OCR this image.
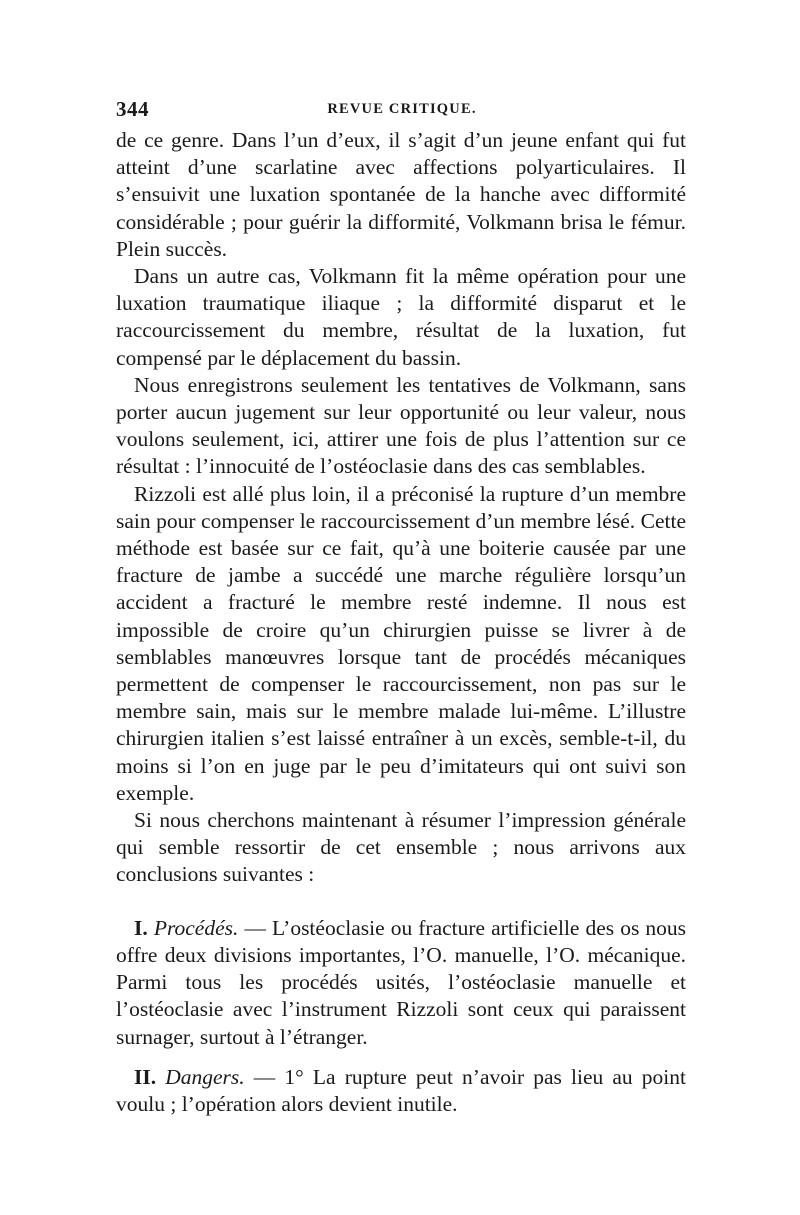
344	REVUE CRITIQUE.

de ce genre. Dans l’un d’eux, il s’agit d’un jeune enfant qui fut atteint d’une scarlatine avec affections polyarticulaires. Il s’ensuivit une luxation spontanée de la hanche avec difformité considérable ; pour guérir la difformité, Volkmann brisa le fémur. Plein succès.

Dans un autre cas, Volkmann fit la même opération pour une luxation traumatique iliaque ; la difformité disparut et le raccourcissement du membre, résultat de la luxation, fut compensé par le déplacement du bassin.

Nous enregistrons seulement les tentatives de Volkmann, sans porter aucun jugement sur leur opportunité ou leur valeur, nous voulons seulement, ici, attirer une fois de plus l’attention sur ce résultat : l’innocuité de l’ostéoclasie dans des cas semblables.

Rizzoli est allé plus loin, il a préconisé la rupture d’un membre sain pour compenser le raccourcissement d’un membre lésé. Cette méthode est basée sur ce fait, qu’à une boiterie causée par une fracture de jambe a succédé une marche régulière lorsqu’un accident a fracturé le membre resté indemne. Il nous est impossible de croire qu’un chirurgien puisse se livrer à de semblables manœuvres lorsque tant de procédés mécaniques permettent de compenser le raccourcissement, non pas sur le membre sain, mais sur le membre malade lui-même. L’illustre chirurgien italien s’est laissé entraîner à un excès, semble-t-il, du moins si l’on en juge par le peu d’imitateurs qui ont suivi son exemple.

Si nous cherchons maintenant à résumer l’impression générale qui semble ressortir de cet ensemble ; nous arrivons aux conclusions suivantes :

I. Procédés. — L’ostéoclasie ou fracture artificielle des os nous offre deux divisions importantes, l’O. manuelle, l’O. mécanique. Parmi tous les procédés usités, l’ostéoclasie manuelle et l’ostéoclasie avec l’instrument Rizzoli sont ceux qui paraissent surnager, surtout à l’étranger.

II. Dangers. — 1° La rupture peut n’avoir pas lieu au point voulu ; l’opération alors devient inutile.
